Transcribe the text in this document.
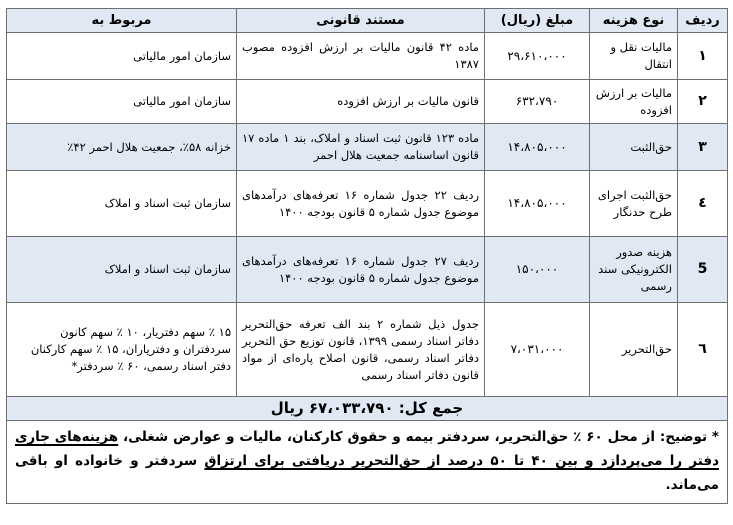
ردیف	نوع هزینه	مبلغ (ریال)	مستند قانونی	مربوط به
۱	مالیات نقل و انتقال	۲۹،۶۱۰،۰۰۰	ماده ۴۲ قانون مالیات بر ارزش افزوده مصوب ۱۳۸۷	سازمان امور مالیاتی
۲	مالیات بر ارزش افزوده	۶۳۲،۷۹۰	قانون مالیات بر ارزش افزوده	سازمان امور مالیاتی
۳	حق‌الثبت	۱۴،۸۰۵،۰۰۰	ماده ۱۲۳ قانون ثبت اسناد و املاک، بند ۱ ماده ۱۷ قانون اساسنامه جمعیت هلال احمر	خزانه ۵۸٪، جمعیت هلال احمر ۴۲٪
٤	حق‌الثبت اجرای طرح حدنگار	۱۴،۸۰۵،۰۰۰	ردیف ۲۲ جدول شماره ۱۶ تعرفه‌های درآمدهای موضوع جدول شماره ۵ قانون بودجه ۱۴۰۰	سازمان ثبت اسناد و املاک
5	هزینه صدور الکترونیکی سند رسمی	۱۵۰،۰۰۰	ردیف ۲۷ جدول شماره ۱۶ تعرفه‌های درآمدهای موضوع جدول شماره ۵ قانون بودجه ۱۴۰۰	سازمان ثبت اسناد و املاک
٦	حق‌التحریر	۷،۰۳۱،۰۰۰	جدول ذیل شماره ۲ بند الف تعرفه حق‌التحریر دفاتر اسناد رسمی ۱۳۹۹، قانون توزیع حق التحریر دفاتر اسناد رسمی، قانون اصلاح پاره‌ای از مواد قانون دفاتر اسناد رسمی	۱۵ ٪ سهم دفتریار، ۱۰ ٪ سهم کانون سردفتران و دفترياران، ۱۵ ٪ سهم کارکنان دفتر اسناد رسمی، ۶۰ ٪ سردفتر*
جمع کل: ۶۷،۰۳۳،۷۹۰ ریال				
* توضیح: از محل ۶۰ ٪ حق‌التحریر، سردفتر بیمه و حقوق کارکنان، مالیات و عوارض شغلی، هزینه‌های جاری دفتر را می‌پردازد و بین ۴۰ تا ۵۰ درصد از حق‌التحریر دریافتی برای ارتزاق سردفتر و خانواده او باقی می‌ماند.				
